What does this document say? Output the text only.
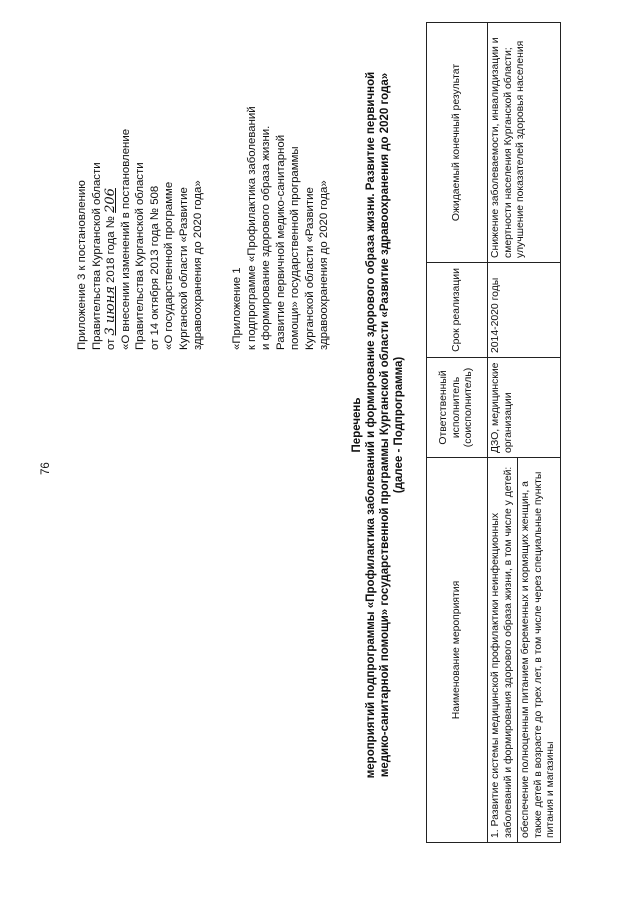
76
Приложение 3 к постановлению Правительства Курганской области от 3 июня 2018 года № 206 «О внесении изменений в постановление Правительства Курганской области от 14 октября 2013 года № 508 «О государственной программе Курганской области «Развитие здравоохранения до 2020 года» «Приложение 1 к подпрограмме «Профилактика заболеваний и формирование здорового образа жизни. Развитие первичной медико-санитарной помощи» государственной программы Курганской области «Развитие здравоохранения до 2020 года»
Перечень мероприятий подпрограммы «Профилактика заболеваний и формирование здорового образа жизни. Развитие первичной медико-санитарной помощи» государственной программы Курганской области «Развитие здравоохранения до 2020 года» (далее - Подпрограмма)
Наименование мероприятия	Ответственный исполнитель (соисполнитель)	Срок реализации	Ожидаемый конечный результат
1. Развитие системы медицинской профилактики неинфекционных заболеваний и формирования здорового образа жизни, в том числе у детей:	ДЗО, медицинские организации	2014-2020 годы	Снижение заболеваемости, инвалидизации и смертности населения Курганской области; улучшение показателей здоровья населения
обеспечение полноценным питанием беременных и кормящих женщин, а также детей в возрасте до трех лет, в том числе через специальные пункты питания и магазины			
